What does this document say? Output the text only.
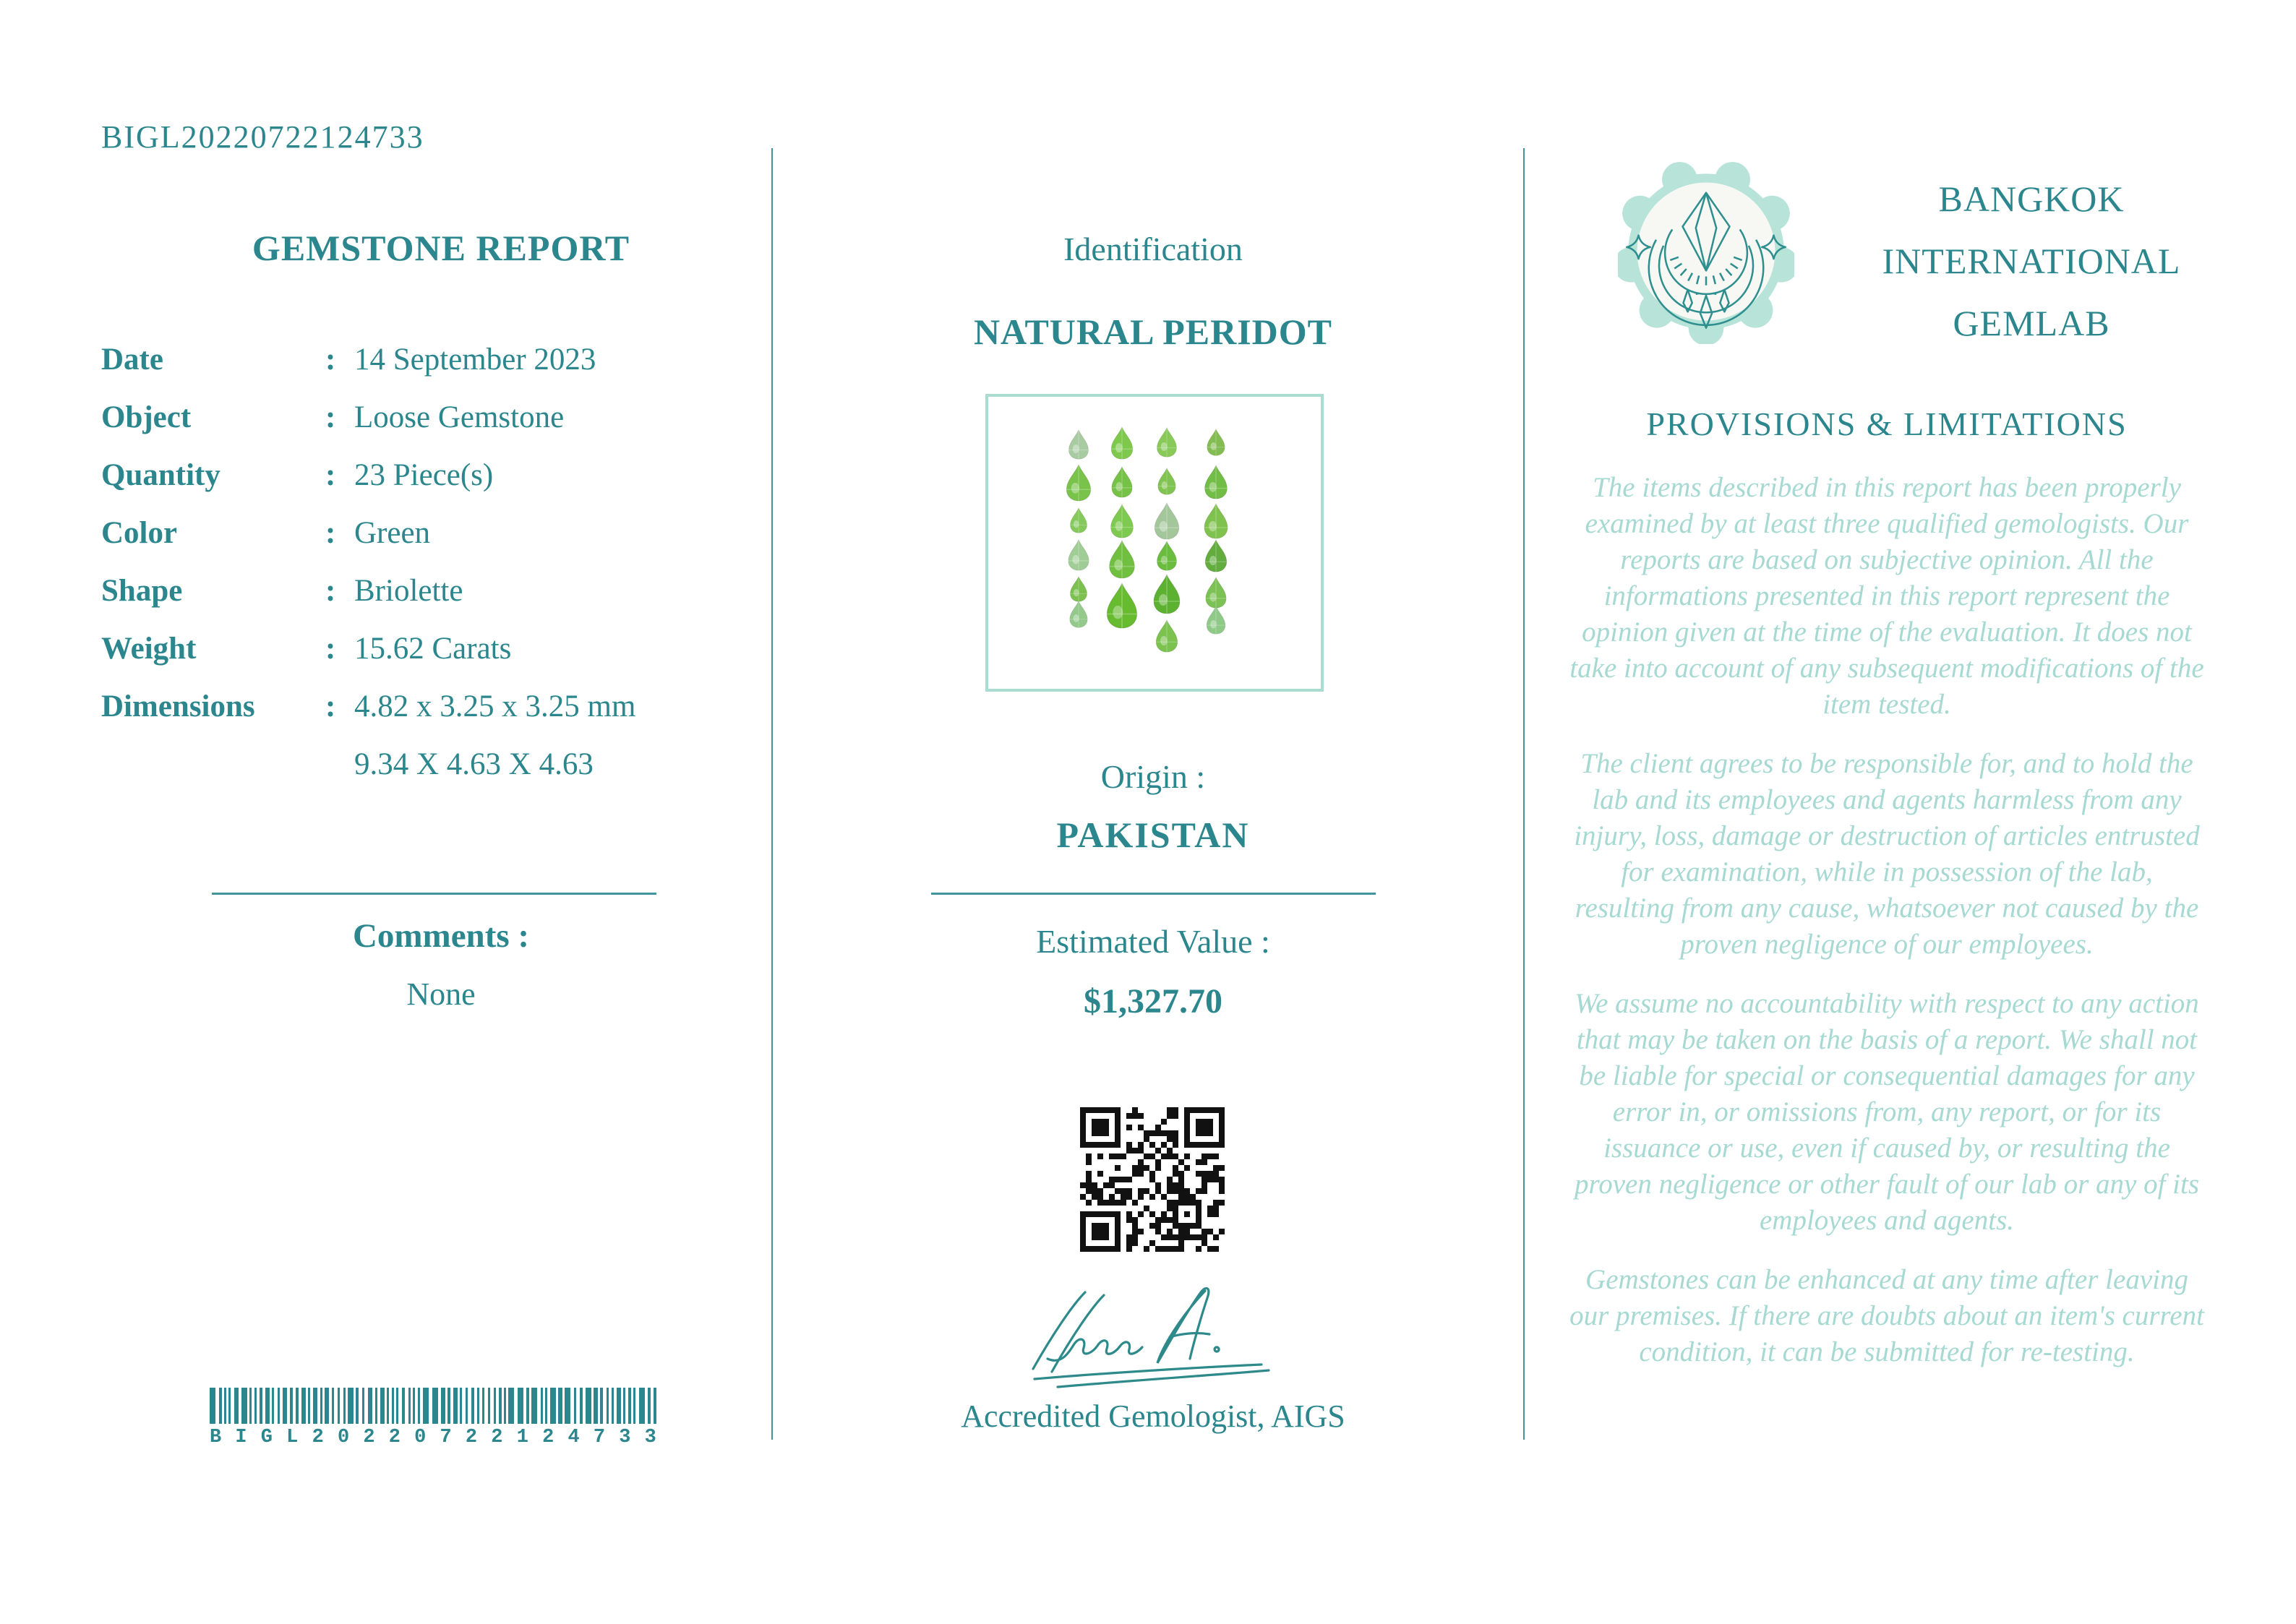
BIGL20220722124733
GEMSTONE REPORT
Date	: 14 September 2023
Object	: Loose Gemstone
Quantity	: 23 Piece(s)
Color	: Green
Shape	: Briolette
Weight	: 15.62 Carats
Dimensions	: 4.82 x 3.25 x 3.25 mm
9.34 X 4.63 X 4.63
Comments :
None
B I G L 2 0 2 2 0 7 2 2 1 2 4 7 3 3
Identification
NATURAL PERIDOT
Origin :
PAKISTAN
Estimated Value :
$1,327.70
Accredited Gemologist, AIGS
BANGKOK
INTERNATIONAL
GEMLAB
PROVISIONS & LIMITATIONS

The items described in this report has been properly examined by at least three qualified gemologists. Our reports are based on subjective opinion. All the informations presented in this report represent the opinion given at the time of the evaluation. It does not take into account of any subsequent modifications of the item tested.

The client agrees to be responsible for, and to hold the lab and its employees and agents harmless from any injury, loss, damage or destruction of articles entrusted for examination, while in possession of the lab, resulting from any cause, whatsoever not caused by the proven negligence of our employees.

We assume no accountability with respect to any action that may be taken on the basis of a report. We shall not be liable for special or consequential damages for any error in, or omissions from, any report, or for its issuance or use, even if caused by, or resulting the proven negligence or other fault of our lab or any of its employees and agents.

Gemstones can be enhanced at any time after leaving our premises. If there are doubts about an item's current condition, it can be submitted for re-testing.
